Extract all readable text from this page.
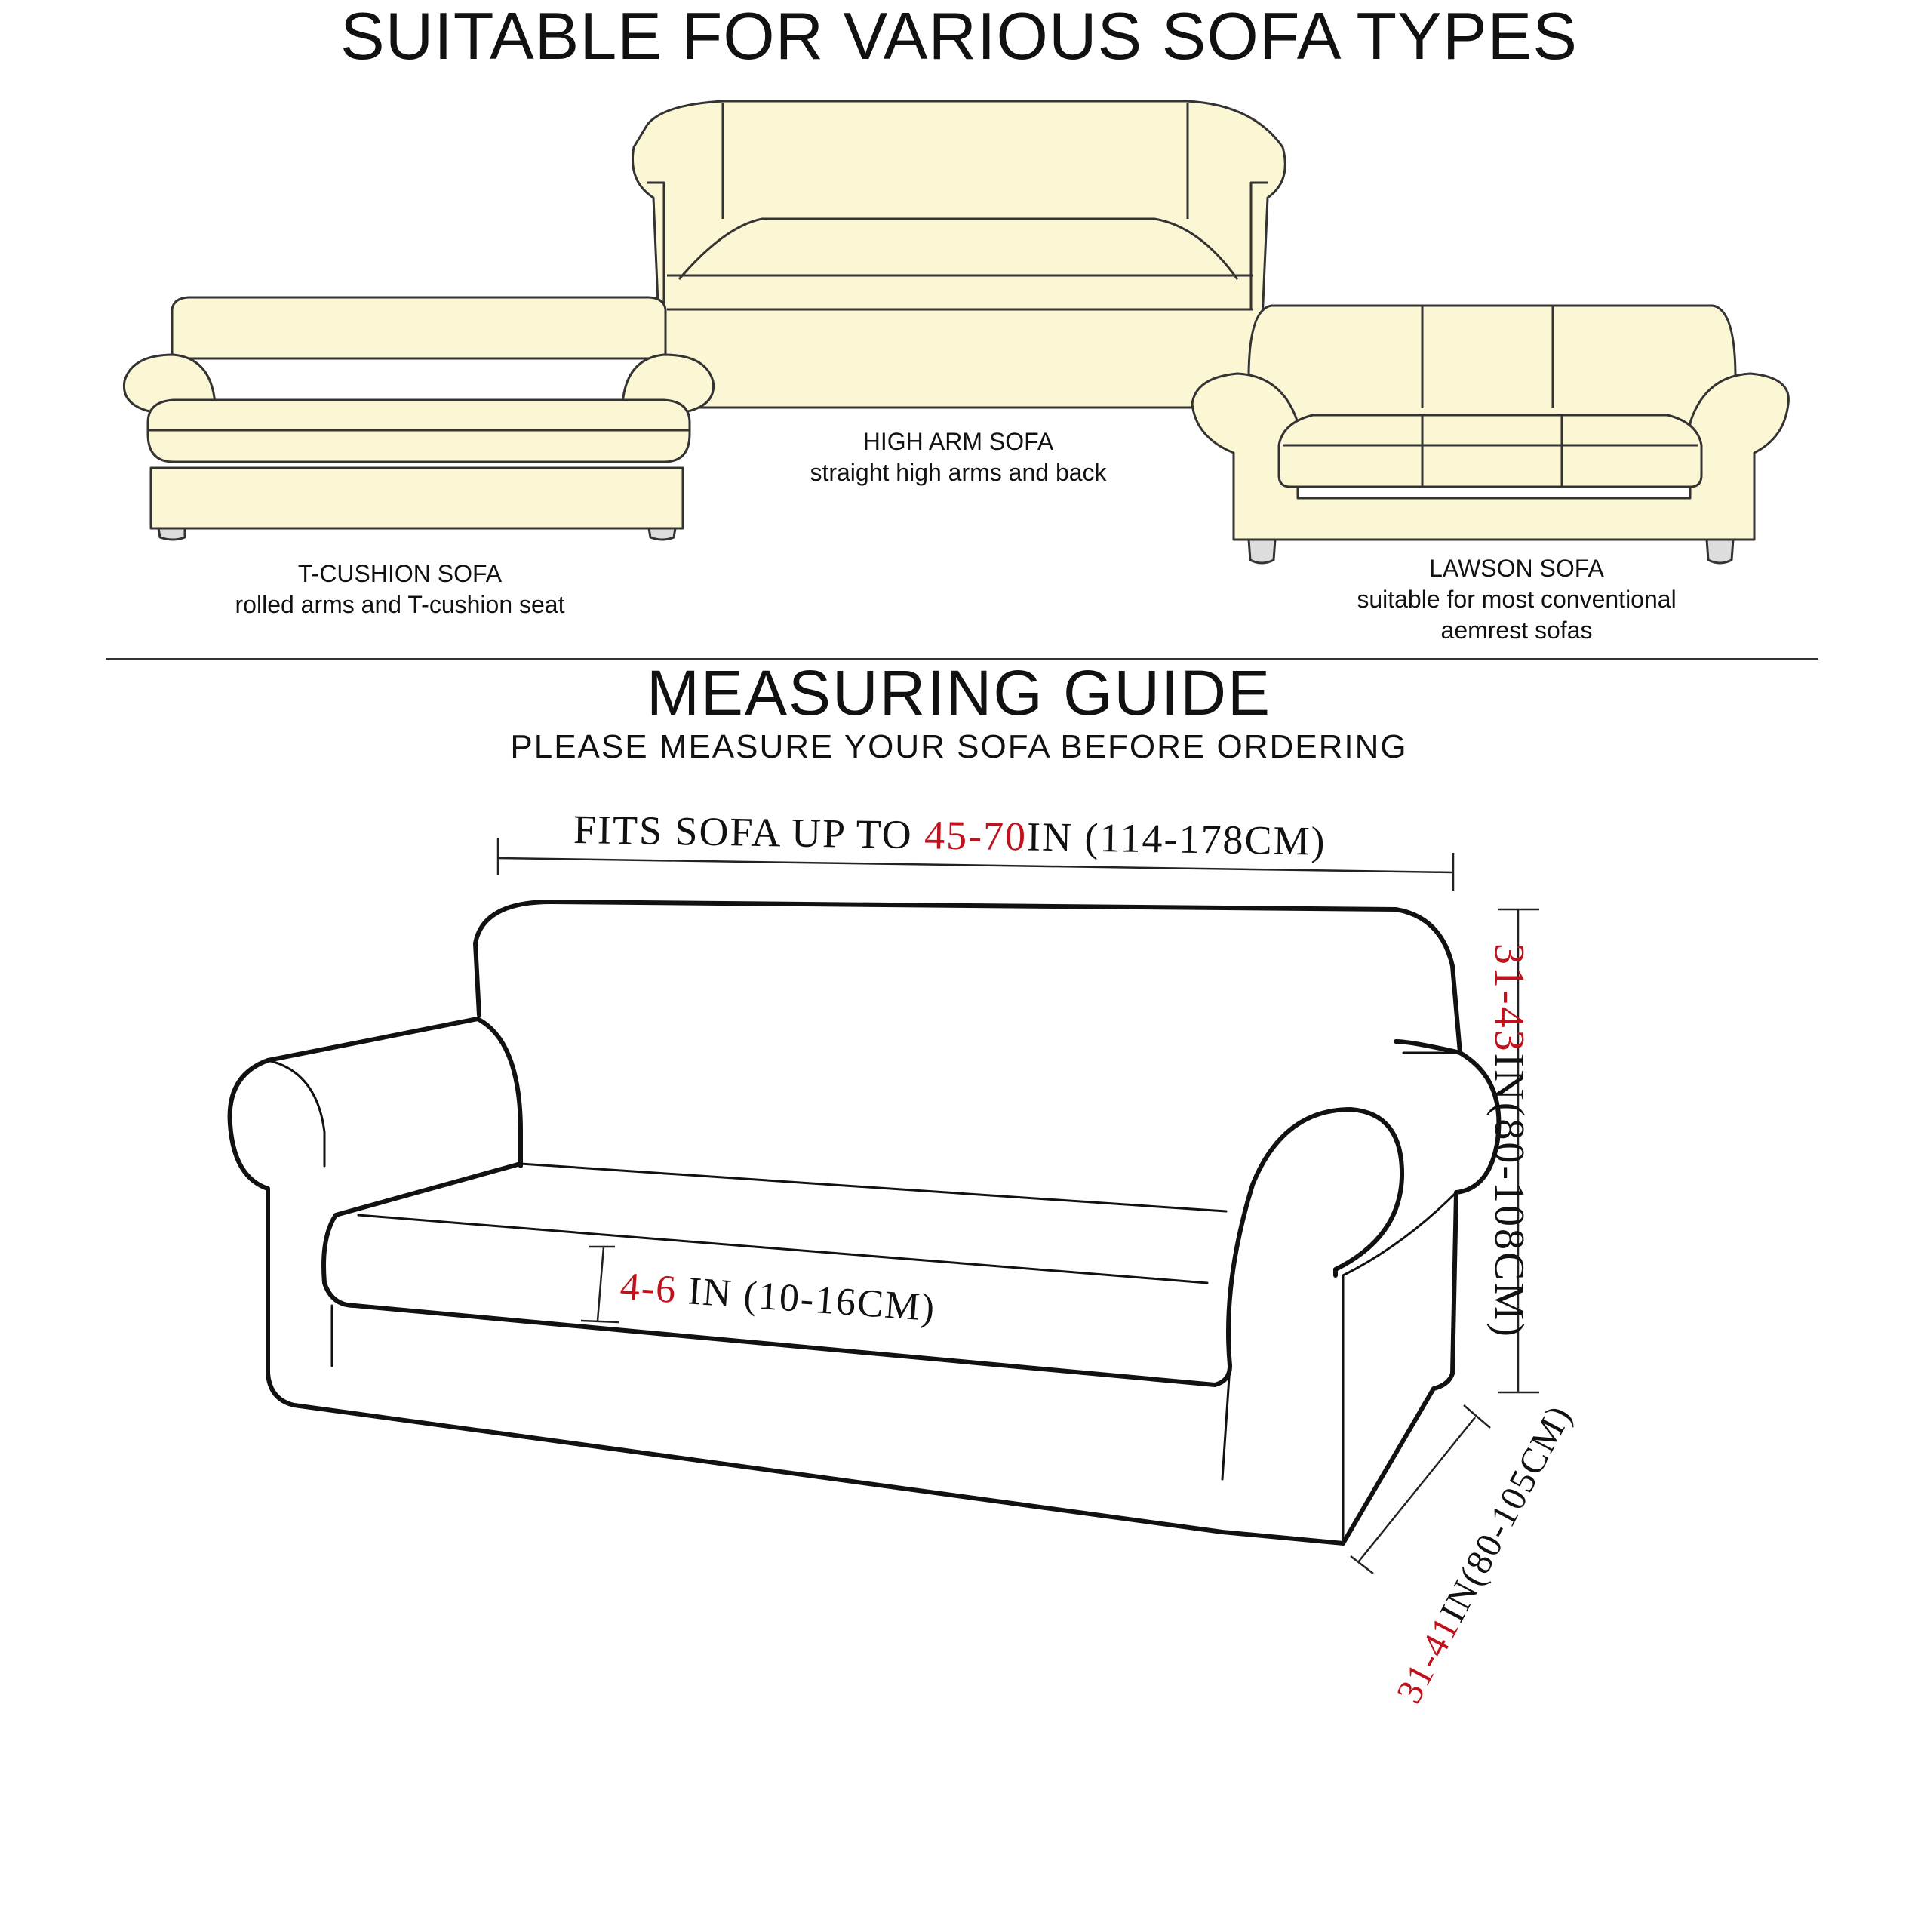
SUITABLE FOR VARIOUS SOFA TYPES
HIGH ARM SOFA
straight high arms and back
T-CUSHION SOFA
rolled arms and T-cushion seat
LAWSON SOFA
suitable for most conventional
aemrest sofas
MEASURING GUIDE
PLEASE MEASURE YOUR SOFA BEFORE ORDERING
FITS SOFA UP TO 45-70IN (114-178CM)
31-43IN(80-108CM)
4-6 IN (10-16CM)
31-41IN(80-105CM)
